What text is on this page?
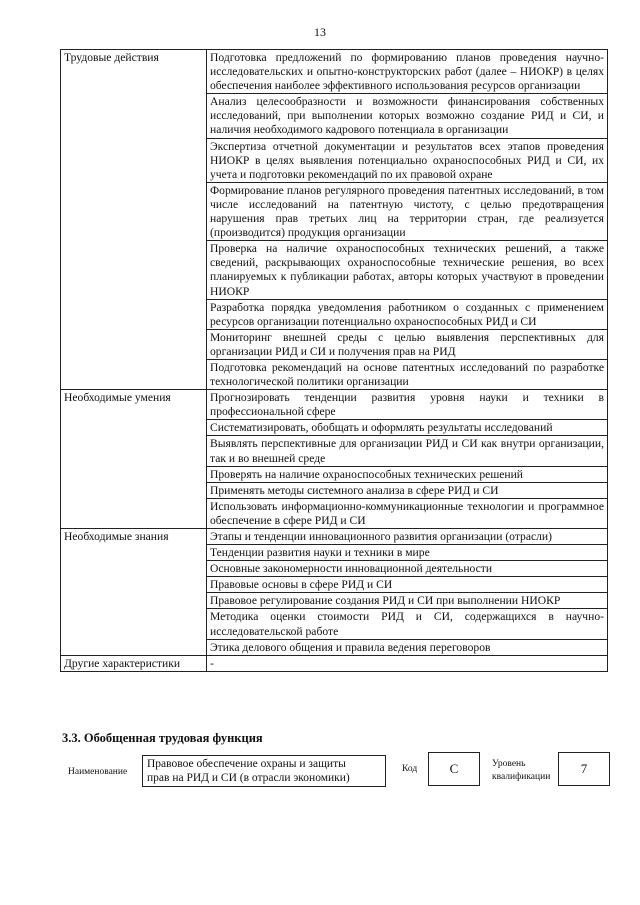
13
Трудовые действия	Подготовка предложений по формированию планов проведения научно-исследовательских и опытно-конструкторских работ (далее – НИОКР) в целях обеспечения наиболее эффективного использования ресурсов организации
	Анализ целесообразности и возможности финансирования собственных исследований, при выполнении которых возможно создание РИД и СИ, и наличия необходимого кадрового потенциала в организации
	Экспертиза отчетной документации и результатов всех этапов проведения НИОКР в целях выявления потенциально охраноспособных РИД и СИ, их учета и подготовки рекомендаций по их правовой охране
	Формирование планов регулярного проведения патентных исследований, в том числе исследований на патентную чистоту, с целью предотвращения нарушения прав третьих лиц на территории стран, где реализуется (производится) продукция организации
	Проверка на наличие охраноспособных технических решений, а также сведений, раскрывающих охраноспособные технические решения, во всех планируемых к публикации работах, авторы которых участвуют в проведении НИОКР
	Разработка порядка уведомления работником о созданных с применением ресурсов организации потенциально охраноспособных РИД и СИ
	Мониторинг внешней среды с целью выявления перспективных для организации РИД и СИ и получения прав на РИД
	Подготовка рекомендаций на основе патентных исследований по разработке технологической политики организации
Необходимые умения	Прогнозировать тенденции развития уровня науки и техники в профессиональной сфере
	Систематизировать, обобщать и оформлять результаты исследований
	Выявлять перспективные для организации РИД и СИ как внутри организации, так и во внешней среде
	Проверять на наличие охраноспособных технических решений
	Применять методы системного анализа в сфере РИД и СИ
	Использовать информационно-коммуникационные технологии и программное обеспечение в сфере РИД и СИ
Необходимые знания	Этапы и тенденции инновационного развития организации (отрасли)
	Тенденции развития науки и техники в мире
	Основные закономерности инновационной деятельности
	Правовые основы в сфере РИД и СИ
	Правовое регулирование создания РИД и СИ при выполнении НИОКР
	Методика оценки стоимости РИД и СИ, содержащихся в научно-исследовательской работе
	Этика делового общения и правила ведения переговоров
Другие характеристики	-
3.3. Обобщенная трудовая функция
Наименование
Правовое обеспечение охраны и защиты
прав на РИД и СИ (в отрасли экономики)
Код	C	Уровень
квалификации
7
